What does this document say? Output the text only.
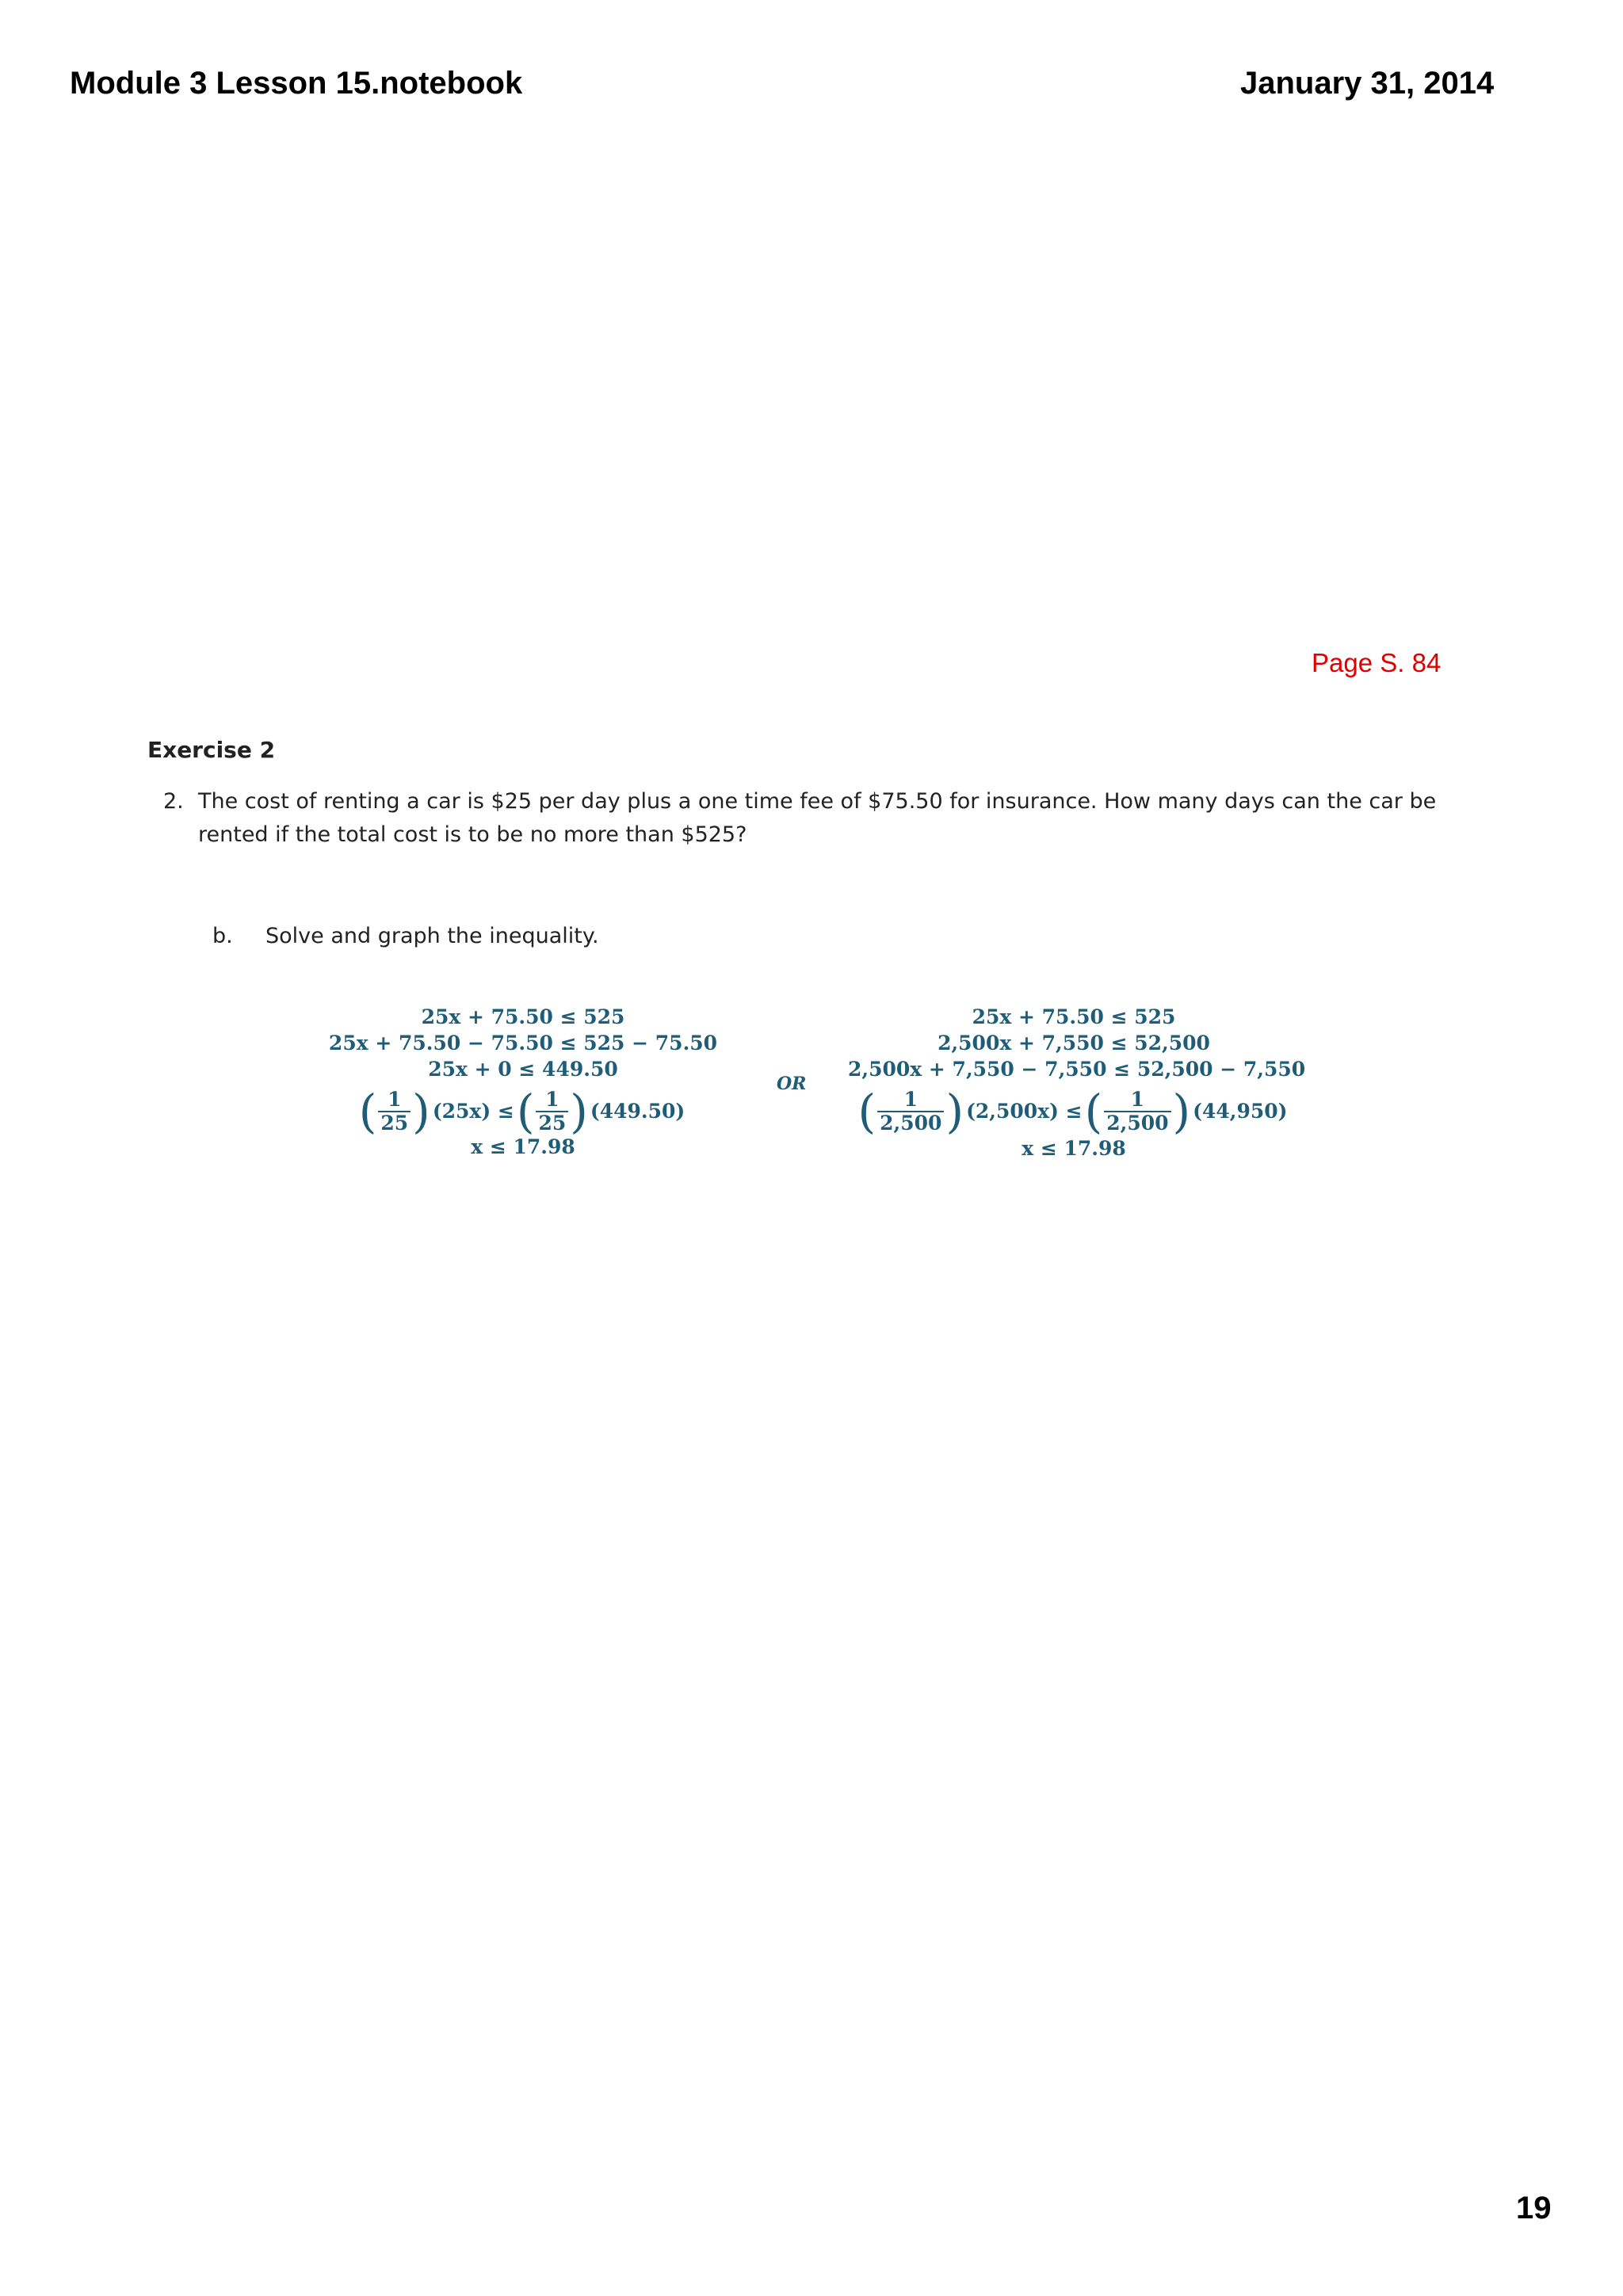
Module 3 Lesson 15.notebook	January 31, 2014
Page S. 84
Exercise 2
2. The cost of renting a car is $25 per day plus a one time fee of $75.50 for insurance. How many days can the car be
rented if the total cost is to be no more than $525?
b. Solve and graph the inequality.
25x + 75.50 ≤ 525
25x + 75.50 − 75.50 ≤ 525 − 75.50
25x + 0 ≤ 449.50
( $\frac{1}{25}$ ) (25x) ≤ ( $\frac{1}{25}$ ) (449.50)
x ≤ 17.98
OR
25x + 75.50 ≤ 525
2,500x + 7,550 ≤ 52,500
2,500x + 7,550 − 7,550 ≤ 52,500 − 7,550
( $\frac{1}{2,500}$ ) (2,500x) ≤ ( $\frac{1}{2,500}$ ) (44,950)
x ≤ 17.98
19
